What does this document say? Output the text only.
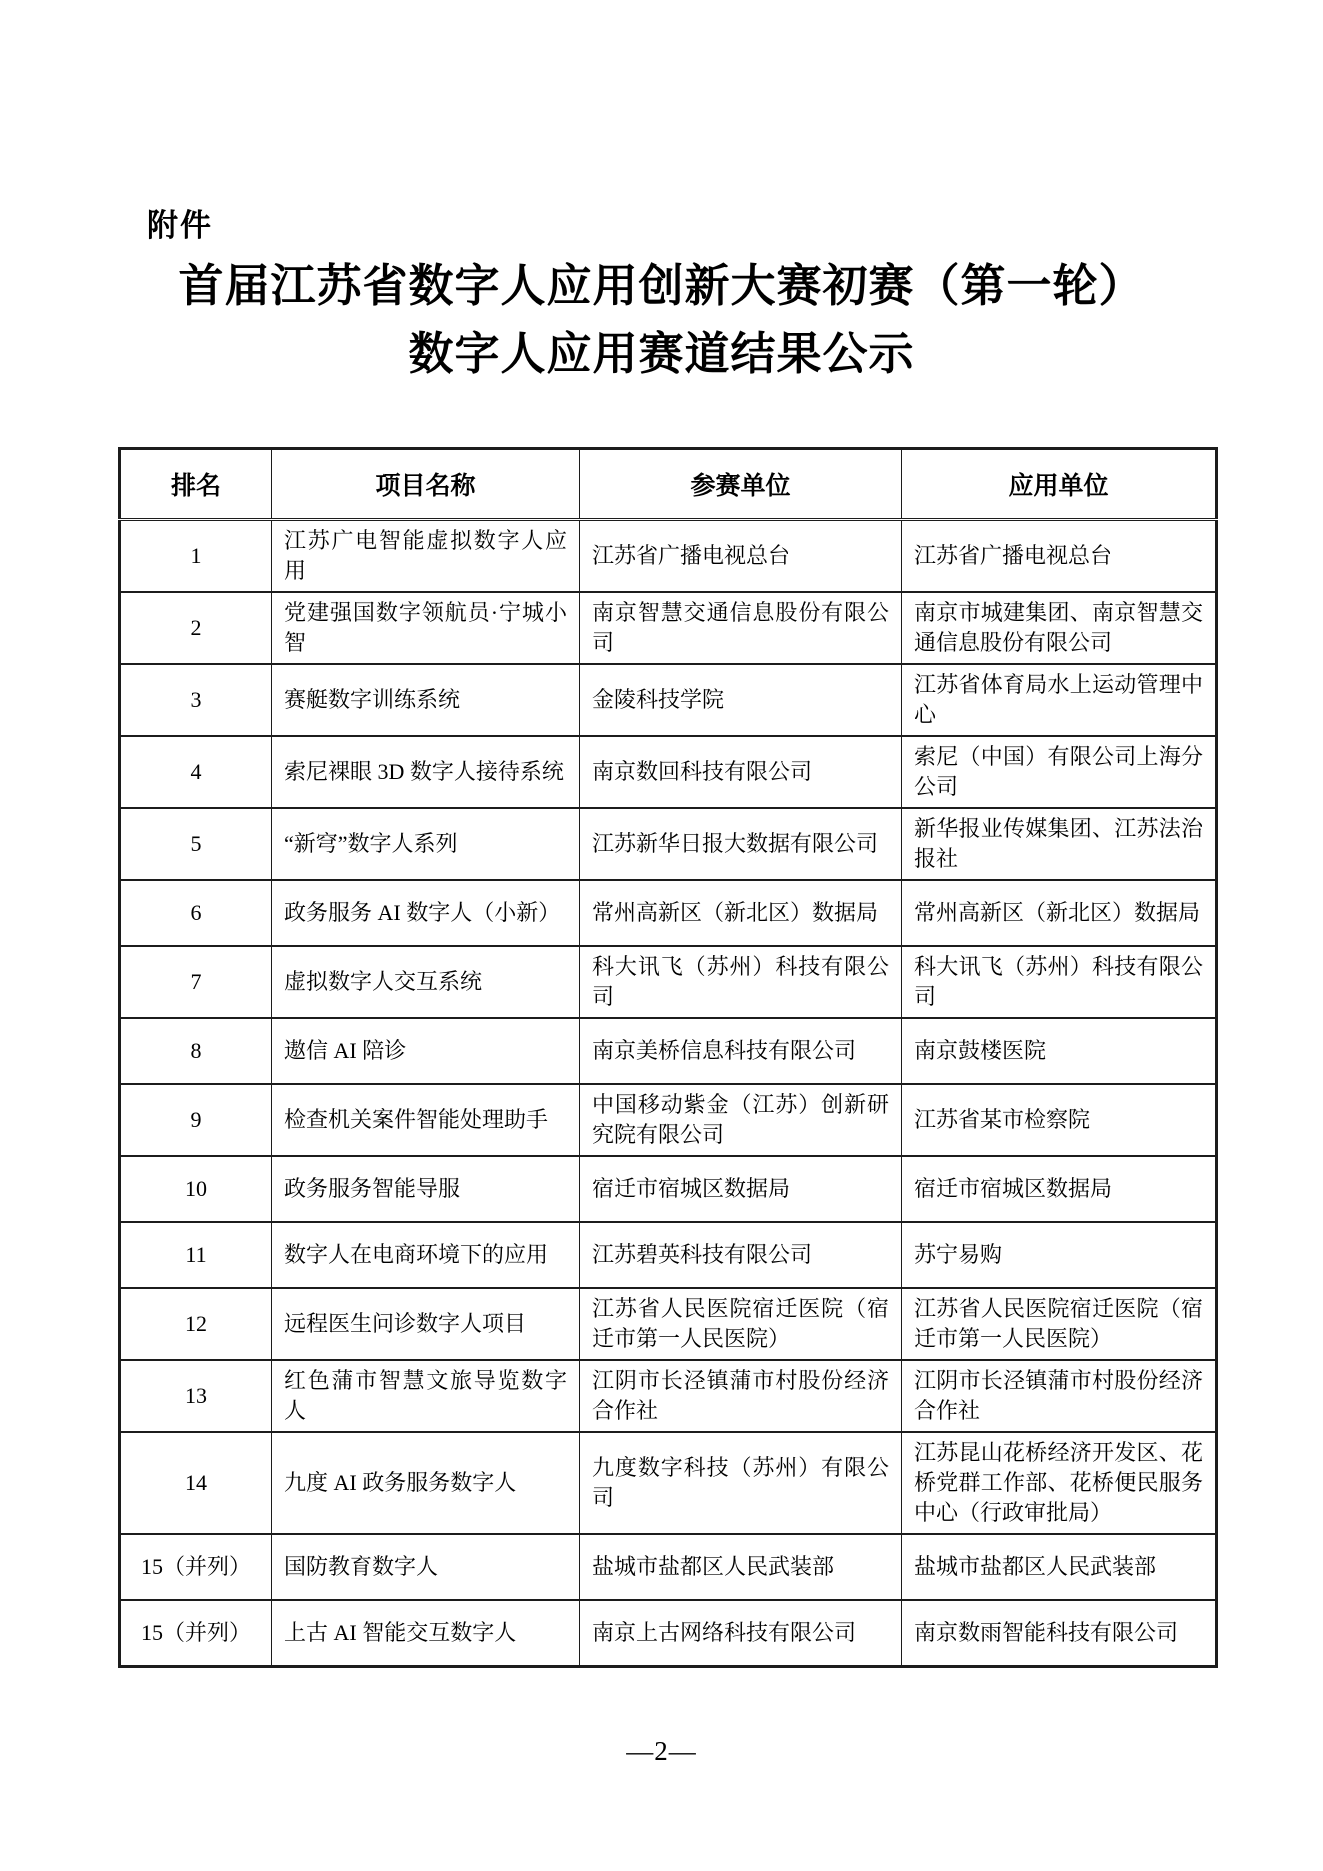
附件
首届江苏省数字人应用创新大赛初赛（第一轮）
数字人应用赛道结果公示
排名	项目名称	参赛单位	应用单位
1	江苏广电智能虚拟数字人应用	江苏省广播电视总台	江苏省广播电视总台
2	党建强国数字领航员·宁城小智	南京智慧交通信息股份有限公司	南京市城建集团、南京智慧交通信息股份有限公司
3	赛艇数字训练系统	金陵科技学院	江苏省体育局水上运动管理中心
4	索尼裸眼 3D 数字人接待系统	南京数回科技有限公司	索尼（中国）有限公司上海分公司
5	“新穹”数字人系列	江苏新华日报大数据有限公司	新华报业传媒集团、江苏法治报社
6	政务服务 AI 数字人（小新）	常州高新区（新北区）数据局	常州高新区（新北区）数据局
7	虚拟数字人交互系统	科大讯飞（苏州）科技有限公司	科大讯飞（苏州）科技有限公司
8	遨信 AI 陪诊	南京美桥信息科技有限公司	南京鼓楼医院
9	检查机关案件智能处理助手	中国移动紫金（江苏）创新研究院有限公司	江苏省某市检察院
10	政务服务智能导服	宿迁市宿城区数据局	宿迁市宿城区数据局
11	数字人在电商环境下的应用	江苏碧英科技有限公司	苏宁易购
12	远程医生问诊数字人项目	江苏省人民医院宿迁医院（宿迁市第一人民医院）	江苏省人民医院宿迁医院（宿迁市第一人民医院）
13	红色蒲市智慧文旅导览数字人	江阴市长泾镇蒲市村股份经济合作社	江阴市长泾镇蒲市村股份经济合作社
14	九度 AI 政务服务数字人	九度数字科技（苏州）有限公司	江苏昆山花桥经济开发区、花桥党群工作部、花桥便民服务中心（行政审批局）
15（并列）	国防教育数字人	盐城市盐都区人民武装部	盐城市盐都区人民武装部
15（并列）	上古 AI 智能交互数字人	南京上古网络科技有限公司	南京数雨智能科技有限公司
—2—
